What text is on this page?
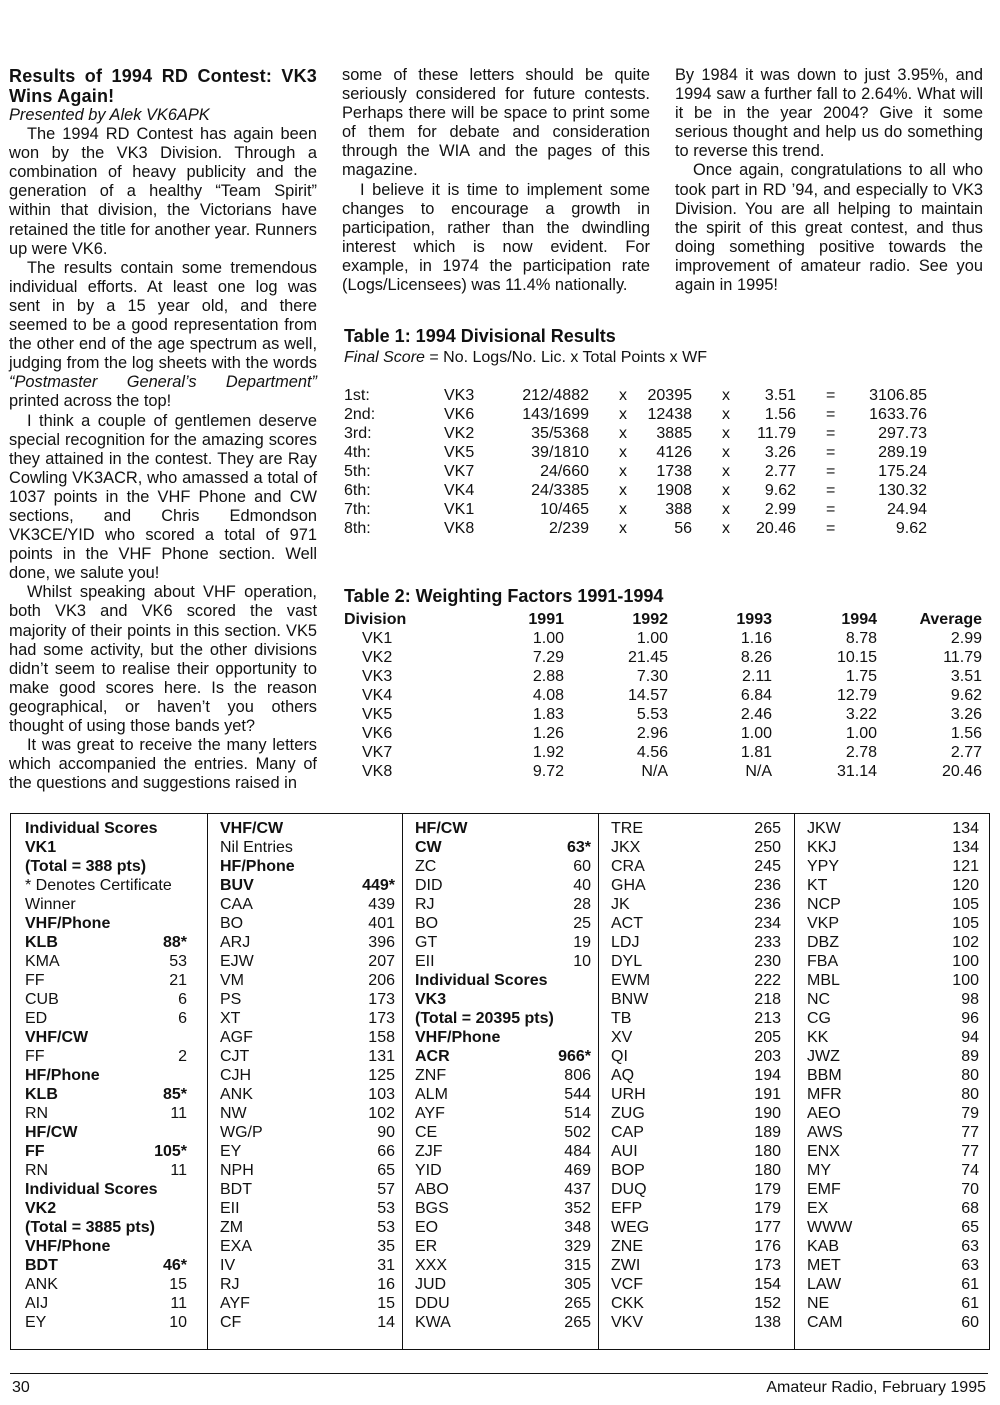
Results of 1994 RD Contest: VK3 Wins Again!

Presented by Alek VK6APK

The 1994 RD Contest has again been won by the VK3 Division. Through a combination of heavy publicity and the generation of a healthy “Team Spirit” within that division, the Victorians have retained the title for another year. Runners up were VK6.

The results contain some tremendous individual efforts. At least one log was sent in by a 15 year old, and there seemed to be a good representation from the other end of the age spectrum as well, judging from the log sheets with the words “Postmaster General’s Department” printed across the top!

I think a couple of gentlemen deserve special recognition for the amazing scores they attained in the contest. They are Ray Cowling VK3ACR, who amassed a total of 1037 points in the VHF Phone and CW sections, and Chris Edmondson VK3CE/YID who scored a total of 971 points in the VHF Phone section. Well done, we salute you!

Whilst speaking about VHF operation, both VK3 and VK6 scored the vast majority of their points in this section. VK5 had some activity, but the other divisions didn’t seem to realise their opportunity to make good scores here. Is the reason geographical, or haven’t you others thought of using those bands yet?

It was great to receive the many letters which accompanied the entries. Many of the questions and suggestions raised in

some of these letters should be quite seriously considered for future contests. Perhaps there will be space to print some of them for debate and consideration through the WIA and the pages of this magazine.

I believe it is time to implement some changes to encourage a growth in participation, rather than the dwindling interest which is now evident. For example, in 1974 the participation rate (Logs/Licensees) was 11.4% nationally.

By 1984 it was down to just 3.95%, and 1994 saw a further fall to 2.64%. What will it be in the year 2004? Give it some serious thought and help us do something to reverse this trend.

Once again, congratulations to all who took part in RD ’94, and especially to VK3 Division. You are all helping to maintain the spirit of this great contest, and thus doing something positive towards the improvement of amateur radio. See you again in 1995!

Table 1: 1994 Divisional Results
Final Score = No. Logs/No. Lic. x Total Points x WF
1st:	VK3	212/4882 x 20395 x 3.51 = 3106.85
2nd:	VK6	143/1699 x 12438 x 1.56 = 1633.76
3rd:	VK2	35/5368 x 3885 x 11.79 =	297.73
4th:	VK5	39/1810 x 4126 x 3.26 =	289.19
5th:	VK7	24/660 x 1738 x 2.77 =	175.24
6th:	VK4	24/3385 x 1908 x 9.62 =	130.32
7th:	VK1	10/465 x 388 x 2.99 =	24.94
8th:	VK8	2/239 x	56 x 20.46 =	9.62
Table 2: Weighting Factors 1991-1994
Division	1991	1992	1993	1994	Average
VK1	1.00	1.00	1.16	8.78	2.99
VK2	7.29	21.45	8.26	10.15	11.79
VK3	2.88	7.30	2.11	1.75	3.51
VK4	4.08	14.57	6.84	12.79	9.62
VK5	1.83	5.53	2.46	3.22	3.26
VK6	1.26	2.96	1.00	1.00	1.56
VK7	1.92	4.56	1.81	2.78	2.77
VK8	9.72	N/A	N/A	31.14	20.46
Individual Scores
VK1
(Total = 388 pts)
* Denotes Certificate
Winner
VHF/Phone
KLB	88*
KMA	53
FF	21
CUB	6
ED	6
VHF/CW
FF	2
HF/Phone
KLB	85*
RN	11
HF/CW
FF	105*
RN	11
Individual Scores
VK2
(Total = 3885 pts)
VHF/Phone
BDT	46*
ANK	15
AIJ	11
EY	10
VHF/CW
Nil Entries
HF/Phone
BUV	449*
CAA	439
BO	401
ARJ	396
EJW	207
VM	206
PS	173
XT	173
AGF	158
CJT	131
CJH	125
ANK	103
NW	102
WG/P	90
EY	66
NPH	65
BDT	57
EII	53
ZM	53
EXA	35
IV	31
RJ	16
AYF	15
CF	14
HF/CW
CW	63*
ZC	60
DID	40
RJ	28
BO	25
GT	19
EII	10
Individual Scores
VK3
(Total = 20395 pts)
VHF/Phone
ACR	966*
ZNF	806
ALM	544
AYF	514
CE	502
ZJF	484
YID	469
ABO	437
BGS	352
EO	348
ER	329
XXX	315
JUD	305
DDU	265
KWA	265
TRE	265
JKX	250
CRA	245
GHA	236
JK	236
ACT	234
LDJ	233
DYL	230
EWM	222
BNW	218
TB	213
XV	205
QI	203
AQ	194
URH	191
ZUG	190
CAP	189
AUI	180
BOP	180
DUQ	179
EFP	179
WEG	177
ZNE	176
ZWI	173
VCF	154
CKK	152
VKV	138
JKW	134
KKJ	134
YPY	121
KT	120
NCP	105
VKP	105
DBZ	102
FBA	100
MBL	100
NC	98
CG	96
KK	94
JWZ	89
BBM	80
MFR	80
AEO	79
AWS	77
ENX	77
MY	74
EMF	70
EX	68
WWW	65
KAB	63
MET	63
LAW	61
NE	61
CAM	60
30	Amateur Radio, February 1995
